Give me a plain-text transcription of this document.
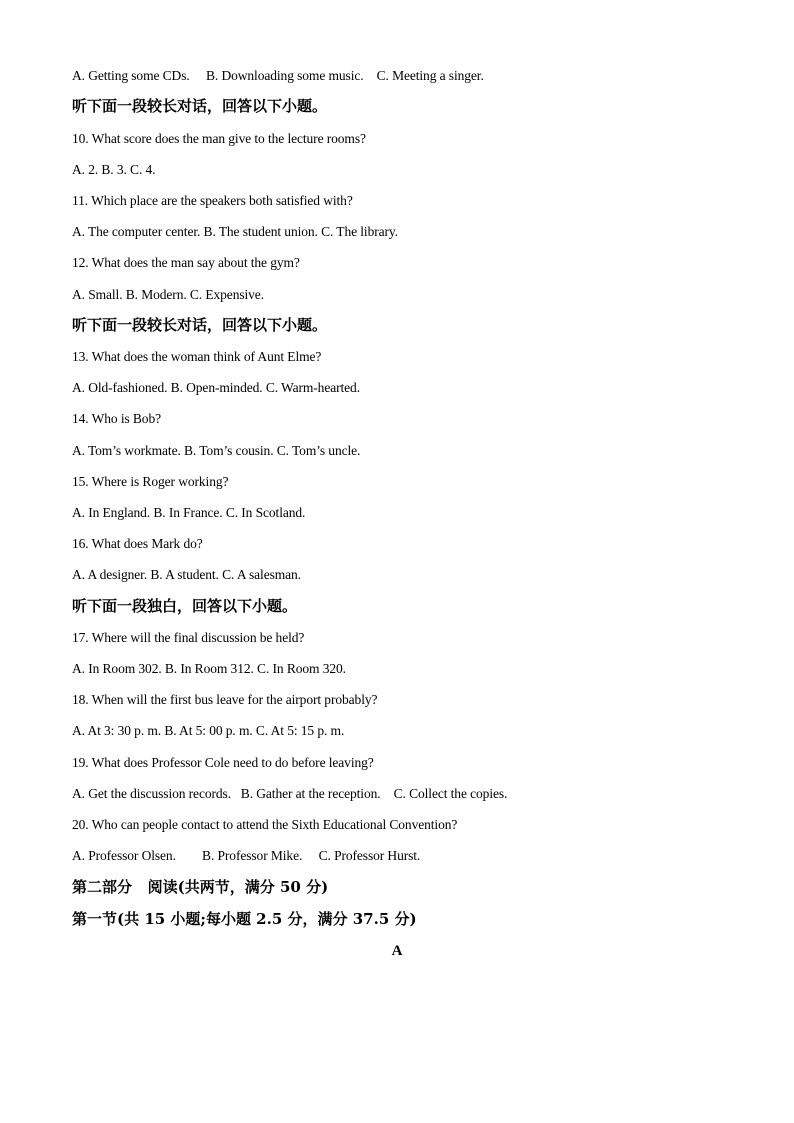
A. Getting some CDs.     B. Downloading some music.    C. Meeting a singer.
听下面一段较长对话，回答以下小题。
10. What score does the man give to the lecture rooms?
A. 2. B. 3. C. 4.
11. Which place are the speakers both satisfied with?
A. The computer center. B. The student union. C. The library.
12. What does the man say about the gym?
A. Small. B. Modern. C. Expensive.
听下面一段较长对话，回答以下小题。
13. What does the woman think of Aunt Elme?
A. Old-fashioned. B. Open-minded. C. Warm-hearted.
14. Who is Bob?
A. Tom’s workmate. B. Tom’s cousin. C. Tom’s uncle.
15. Where is Roger working?
A. In England. B. In France. C. In Scotland.
16. What does Mark do?
A. A designer. B. A student. C. A salesman.
听下面一段独白，回答以下小题。
17. Where will the final discussion be held?
A. In Room 302. B. In Room 312. C. In Room 320.
18. When will the first bus leave for the airport probably?
A. At 3: 30 p. m. B. At 5: 00 p. m. C. At 5: 15 p. m.
19. What does Professor Cole need to do before leaving?
A. Get the discussion records.   B. Gather at the reception.    C. Collect the copies.
20. Who can people contact to attend the Sixth Educational Convention?
A. Professor Olsen.        B. Professor Mike.     C. Professor Hurst.
第二部分   阅读(共两节，满分 50 分)
第一节(共 15 小题;每小题 2.5 分，满分 37.5 分)
A
